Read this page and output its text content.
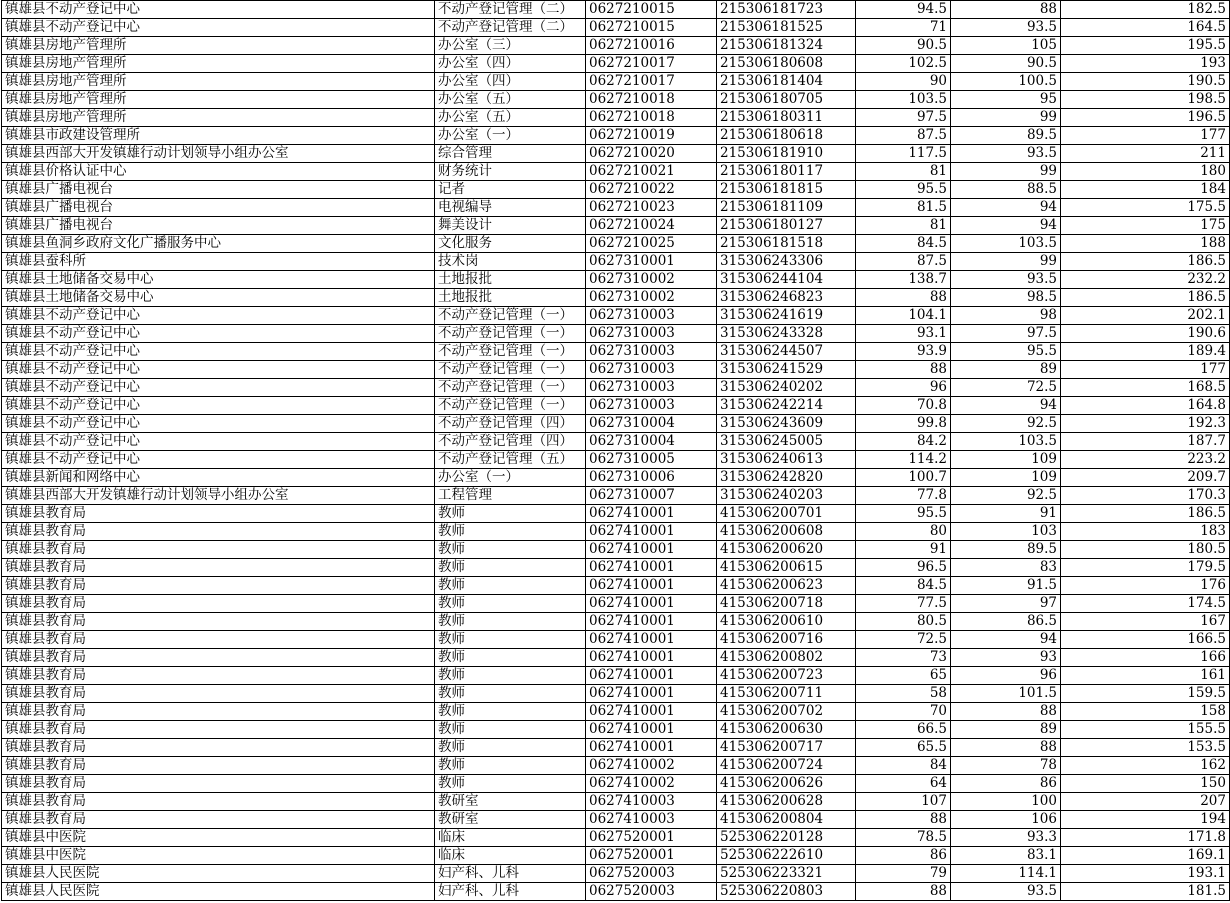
镇雄县不动产登记中心	不动产登记管理（二）	0627210015	215306181723	94.5	88	182.5
镇雄县不动产登记中心	不动产登记管理（二）	0627210015	215306181525	71	93.5	164.5
镇雄县房地产管理所	办公室（三）	0627210016	215306181324	90.5	105	195.5
镇雄县房地产管理所	办公室（四）	0627210017	215306180608	102.5	90.5	193
镇雄县房地产管理所	办公室（四）	0627210017	215306181404	90	100.5	190.5
镇雄县房地产管理所	办公室（五）	0627210018	215306180705	103.5	95	198.5
镇雄县房地产管理所	办公室（五）	0627210018	215306180311	97.5	99	196.5
镇雄县市政建设管理所	办公室（一）	0627210019	215306180618	87.5	89.5	177
镇雄县西部大开发镇雄行动计划领导小组办公室	综合管理	0627210020	215306181910	117.5	93.5	211
镇雄县价格认证中心	财务统计	0627210021	215306180117	81	99	180
镇雄县广播电视台	记者	0627210022	215306181815	95.5	88.5	184
镇雄县广播电视台	电视编导	0627210023	215306181109	81.5	94	175.5
镇雄县广播电视台	舞美设计	0627210024	215306180127	81	94	175
镇雄县鱼洞乡政府文化广播服务中心	文化服务	0627210025	215306181518	84.5	103.5	188
镇雄县蚕科所	技术岗	0627310001	315306243306	87.5	99	186.5
镇雄县土地储备交易中心	土地报批	0627310002	315306244104	138.7	93.5	232.2
镇雄县土地储备交易中心	土地报批	0627310002	315306246823	88	98.5	186.5
镇雄县不动产登记中心	不动产登记管理（一）	0627310003	315306241619	104.1	98	202.1
镇雄县不动产登记中心	不动产登记管理（一）	0627310003	315306243328	93.1	97.5	190.6
镇雄县不动产登记中心	不动产登记管理（一）	0627310003	315306244507	93.9	95.5	189.4
镇雄县不动产登记中心	不动产登记管理（一）	0627310003	315306241529	88	89	177
镇雄县不动产登记中心	不动产登记管理（一）	0627310003	315306240202	96	72.5	168.5
镇雄县不动产登记中心	不动产登记管理（一）	0627310003	315306242214	70.8	94	164.8
镇雄县不动产登记中心	不动产登记管理（四）	0627310004	315306243609	99.8	92.5	192.3
镇雄县不动产登记中心	不动产登记管理（四）	0627310004	315306245005	84.2	103.5	187.7
镇雄县不动产登记中心	不动产登记管理（五）	0627310005	315306240613	114.2	109	223.2
镇雄县新闻和网络中心	办公室（一）	0627310006	315306242820	100.7	109	209.7
镇雄县西部大开发镇雄行动计划领导小组办公室	工程管理	0627310007	315306240203	77.8	92.5	170.3
镇雄县教育局	教师	0627410001	415306200701	95.5	91	186.5
镇雄县教育局	教师	0627410001	415306200608	80	103	183
镇雄县教育局	教师	0627410001	415306200620	91	89.5	180.5
镇雄县教育局	教师	0627410001	415306200615	96.5	83	179.5
镇雄县教育局	教师	0627410001	415306200623	84.5	91.5	176
镇雄县教育局	教师	0627410001	415306200718	77.5	97	174.5
镇雄县教育局	教师	0627410001	415306200610	80.5	86.5	167
镇雄县教育局	教师	0627410001	415306200716	72.5	94	166.5
镇雄县教育局	教师	0627410001	415306200802	73	93	166
镇雄县教育局	教师	0627410001	415306200723	65	96	161
镇雄县教育局	教师	0627410001	415306200711	58	101.5	159.5
镇雄县教育局	教师	0627410001	415306200702	70	88	158
镇雄县教育局	教师	0627410001	415306200630	66.5	89	155.5
镇雄县教育局	教师	0627410001	415306200717	65.5	88	153.5
镇雄县教育局	教师	0627410002	415306200724	84	78	162
镇雄县教育局	教师	0627410002	415306200626	64	86	150
镇雄县教育局	教研室	0627410003	415306200628	107	100	207
镇雄县教育局	教研室	0627410003	415306200804	88	106	194
镇雄县中医院	临床	0627520001	525306220128	78.5	93.3	171.8
镇雄县中医院	临床	0627520001	525306222610	86	83.1	169.1
镇雄县人民医院	妇产科、儿科	0627520003	525306223321	79	114.1	193.1
镇雄县人民医院	妇产科、儿科	0627520003	525306220803	88	93.5	181.5
